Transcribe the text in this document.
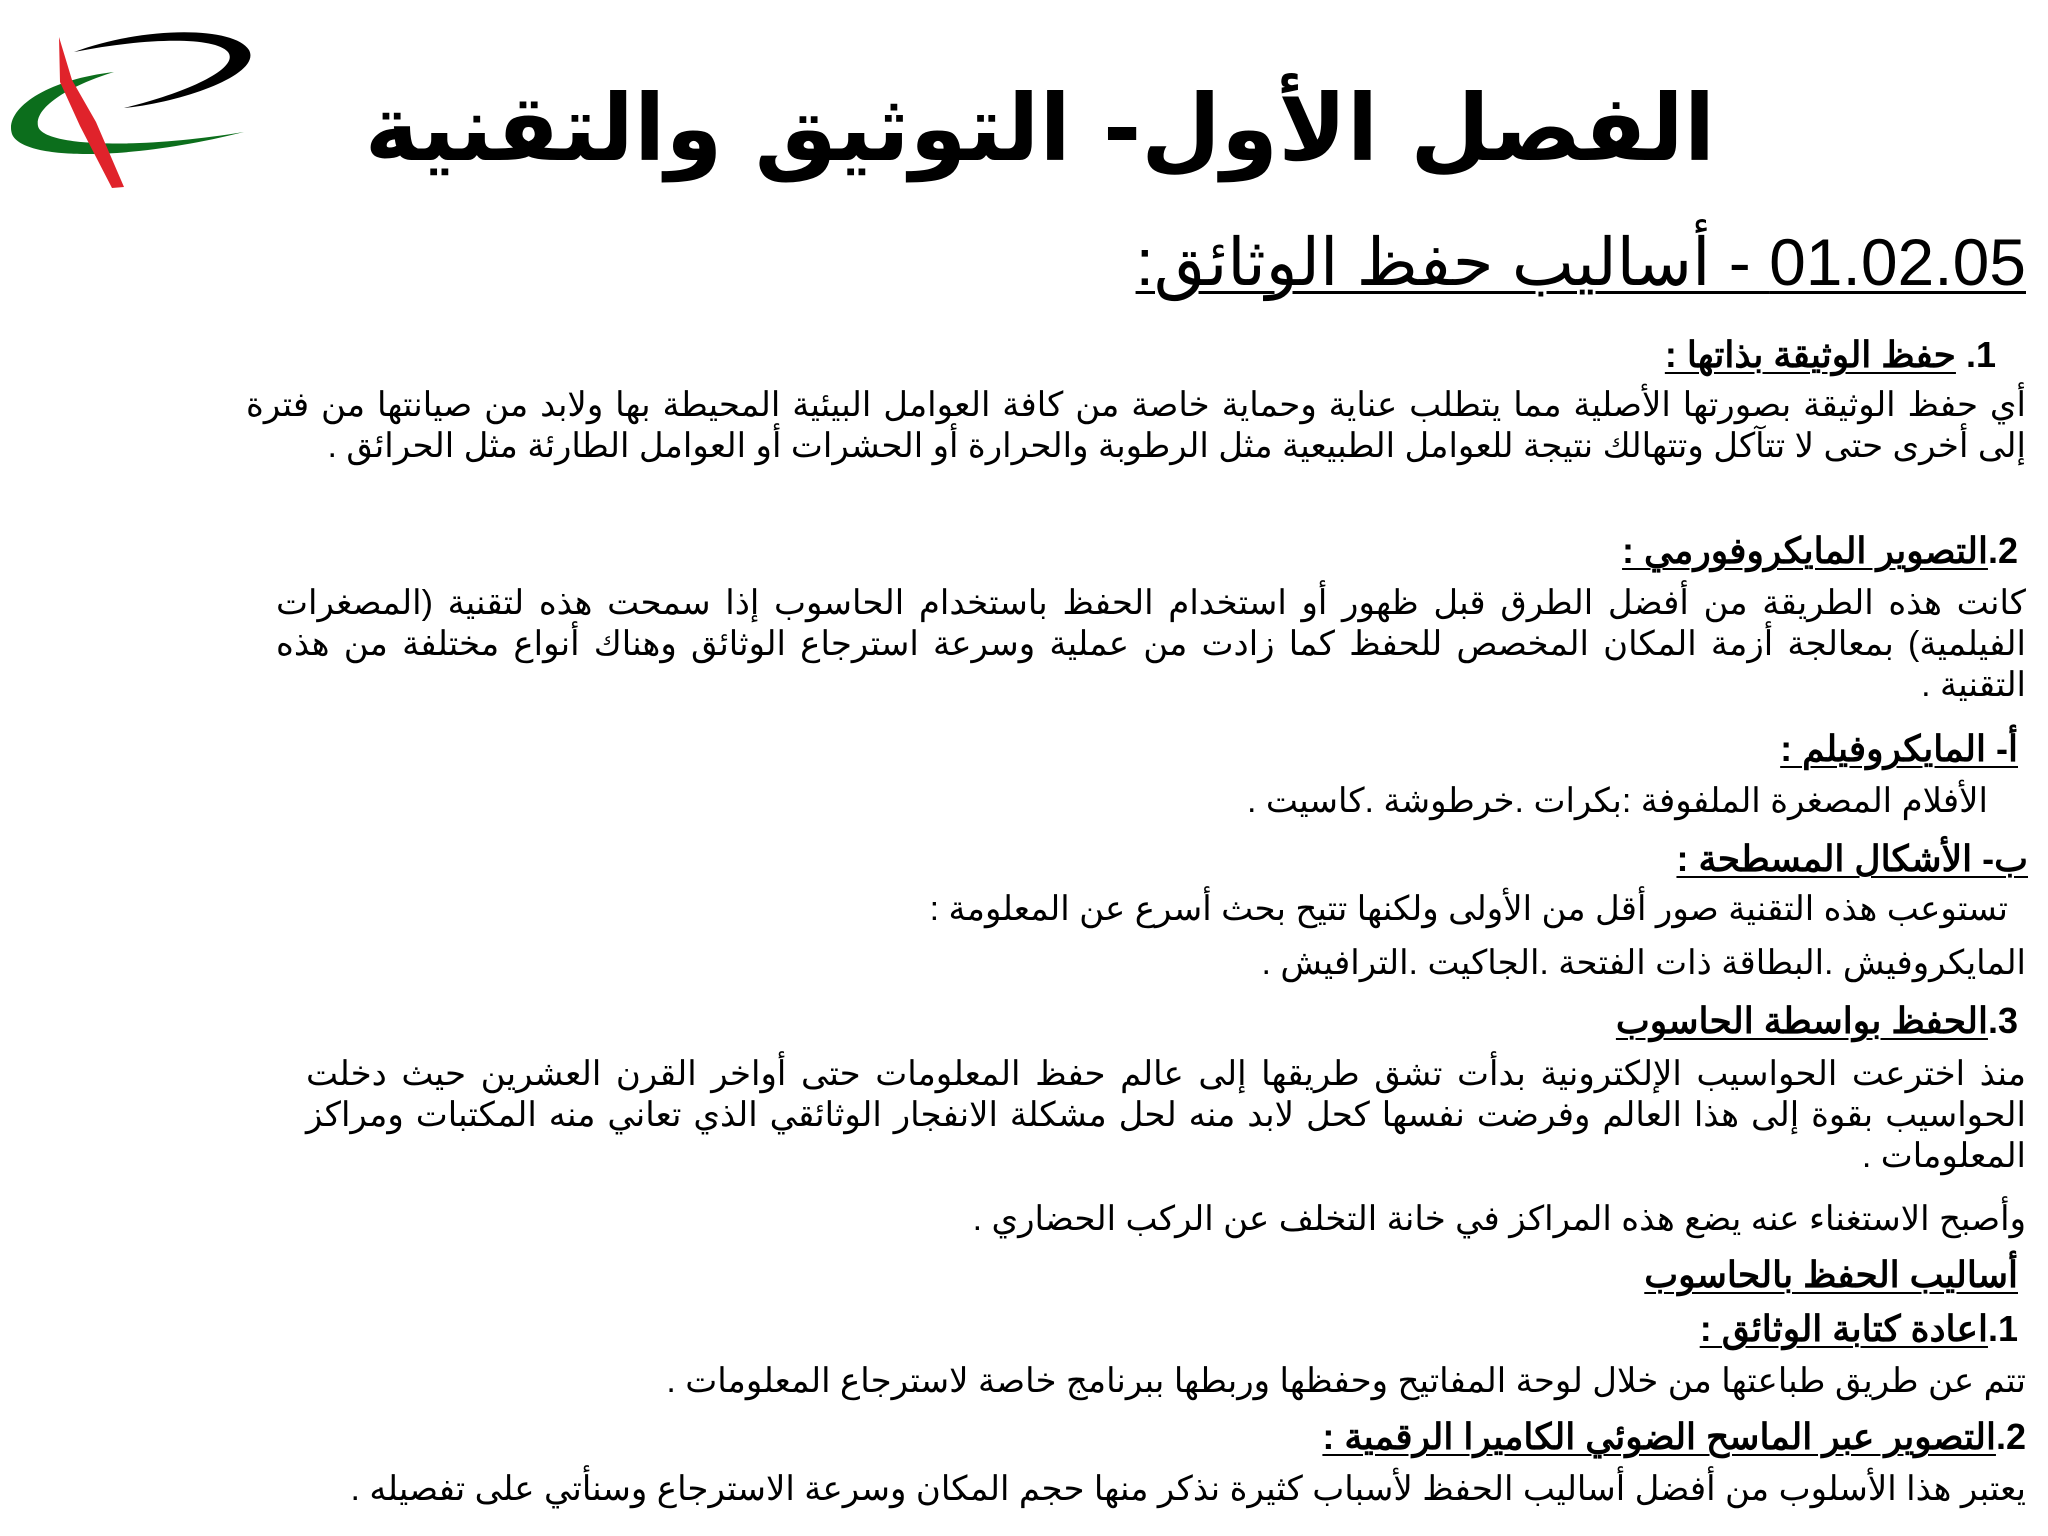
الفصل الأول- التوثيق والتقنية
01.02.05 - أساليب حفظ الوثائق:
1. حفظ الوثيقة بذاتها :
أي حفظ الوثيقة بصورتها الأصلية مما يتطلب عناية وحماية خاصة من كافة العوامل البيئية المحيطة بها ولابد من صيانتها من فترة إلى أخرى حتى لا تتآكل وتتهالك نتيجة للعوامل الطبيعية مثل الرطوبة والحرارة أو الحشرات أو العوامل الطارئة مثل الحرائق .
2.التصوير المايكروفورمي :
كانت هذه الطريقة من أفضل الطرق قبل ظهور أو استخدام الحفظ باستخدام الحاسوب إذا سمحت هذه لتقنية (المصغرات الفيلمية) بمعالجة أزمة المكان المخصص للحفظ كما زادت من عملية وسرعة استرجاع الوثائق وهناك أنواع مختلفة من هذه التقنية .
أ- المايكروفيلم :
الأفلام المصغرة الملفوفة :بكرات .خرطوشة .كاسيت .
ب- الأشكال المسطحة :
تستوعب هذه التقنية صور أقل من الأولى ولكنها تتيح بحث أسرع عن المعلومة :
المايكروفيش .البطاقة ذات الفتحة .الجاكيت .الترافيش .
3.الحفظ بواسطة الحاسوب
منذ اخترعت الحواسيب الإلكترونية بدأت تشق طريقها إلى عالم حفظ المعلومات حتى أواخر القرن العشرين حيث دخلت الحواسيب بقوة إلى هذا العالم وفرضت نفسها كحل لابد منه لحل مشكلة الانفجار الوثائقي الذي تعاني منه المكتبات ومراكز المعلومات .
وأصبح الاستغناء عنه يضع هذه المراكز في خانة التخلف عن الركب الحضاري .
أساليب الحفظ بالحاسوب
1.اعادة كتابة الوثائق :
تتم عن طريق طباعتها من خلال لوحة المفاتيح وحفظها وربطها ببرنامج خاصة لاسترجاع المعلومات .
2.التصوير عبر الماسح الضوئي الكاميرا الرقمية :
يعتبر هذا الأسلوب من أفضل أساليب الحفظ لأسباب كثيرة نذكر منها حجم المكان وسرعة الاسترجاع وسنأتي على تفصيله .
